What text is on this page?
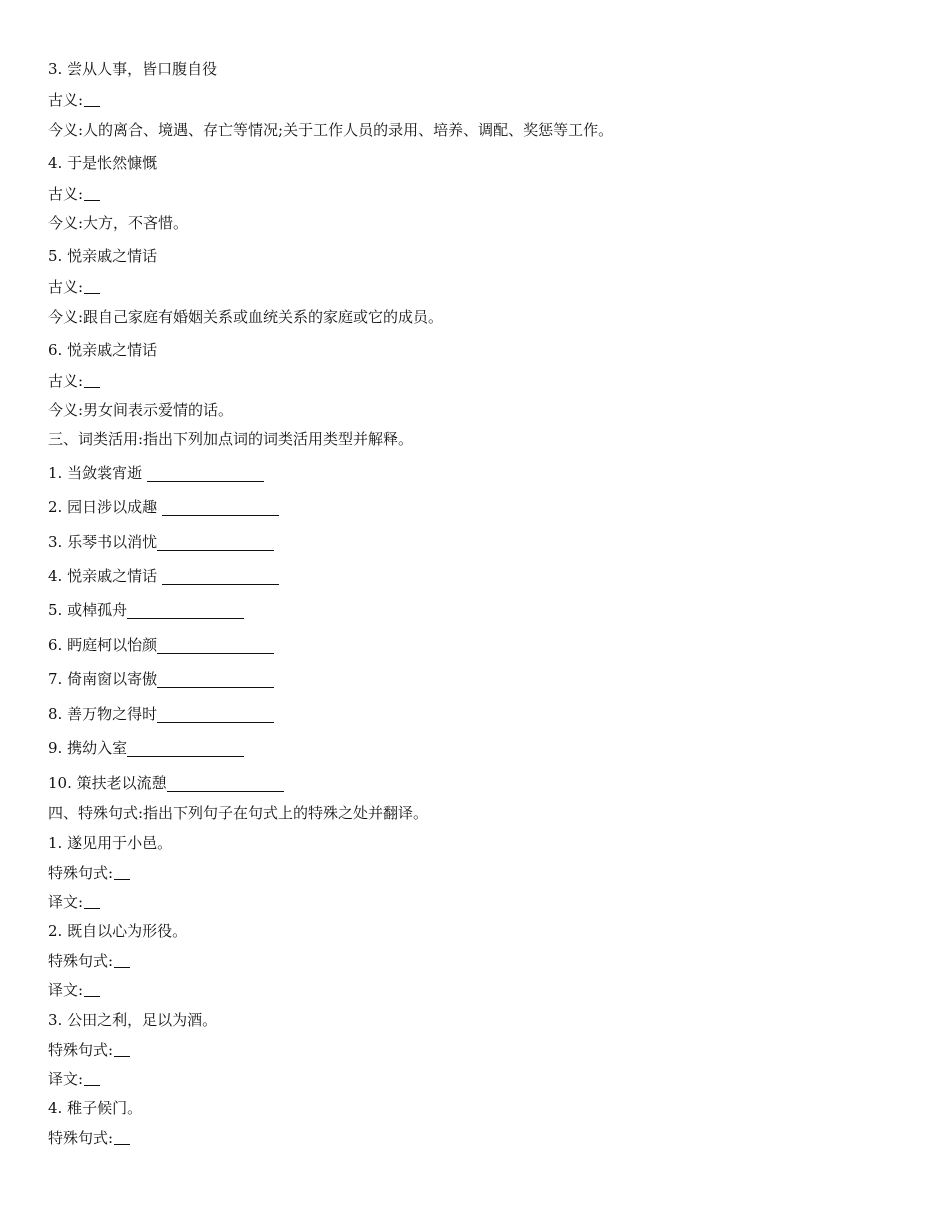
3. 尝从人事，皆口腹自役
古义:
今义:人的离合、境遇、存亡等情况;关于工作人员的录用、培养、调配、奖惩等工作。
4. 于是怅然慷慨
古义:
今义:大方，不吝惜。
5. 悦亲戚之情话
古义:
今义:跟自己家庭有婚姻关系或血统关系的家庭或它的成员。
6. 悦亲戚之情话
古义:
今义:男女间表示爱情的话。
三、词类活用:指出下列加点词的词类活用类型并解释。
1. 当敛裳宵逝
2. 园日涉以成趣
3. 乐琴书以消忧
4. 悦亲戚之情话
5. 或棹孤舟
6. 眄庭柯以怡颜
7. 倚南窗以寄傲
8. 善万物之得时
9. 携幼入室
10. 策扶老以流憩
四、特殊句式:指出下列句子在句式上的特殊之处并翻译。
1. 遂见用于小邑。
特殊句式:
译文:
2. 既自以心为形役。
特殊句式:
译文:
3. 公田之利，足以为酒。
特殊句式:
译文:
4. 稚子候门。
特殊句式:
